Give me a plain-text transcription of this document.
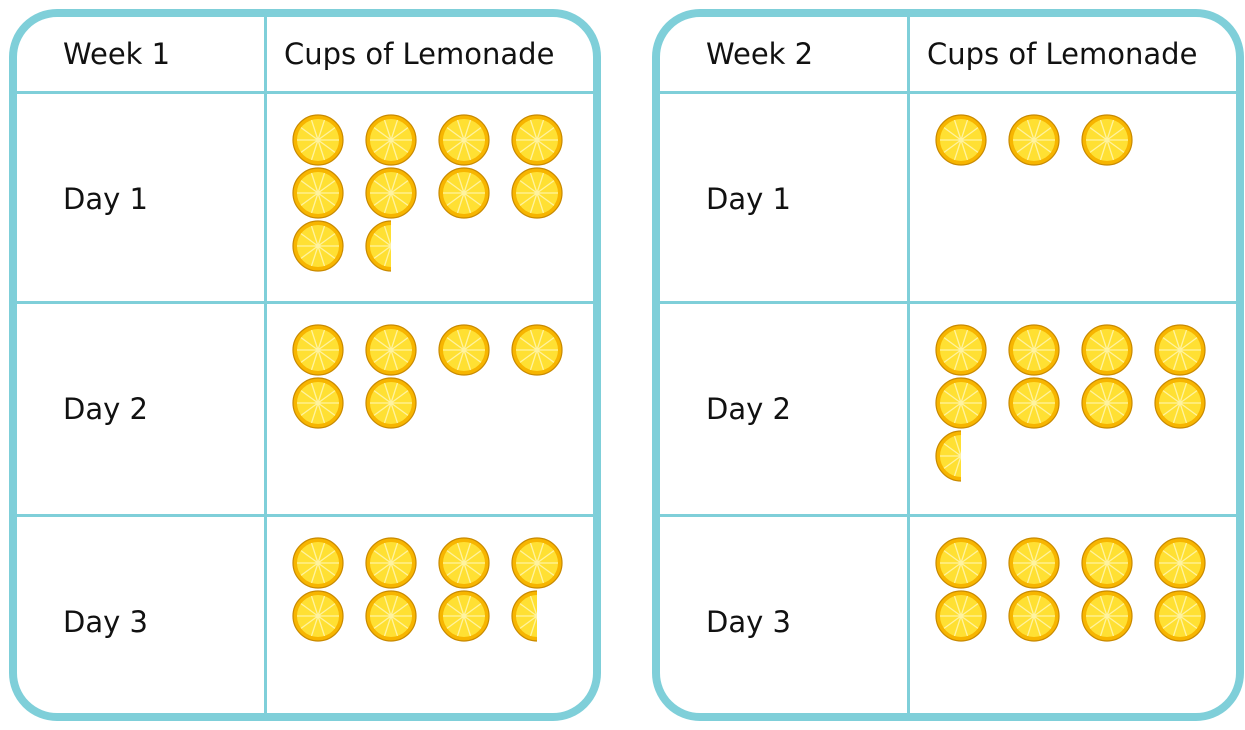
Week 1	Cups of Lemonade
Day 1
Day 2
Day 3
Week 2	Cups of Lemonade
Day 1
Day 2
Day 3
